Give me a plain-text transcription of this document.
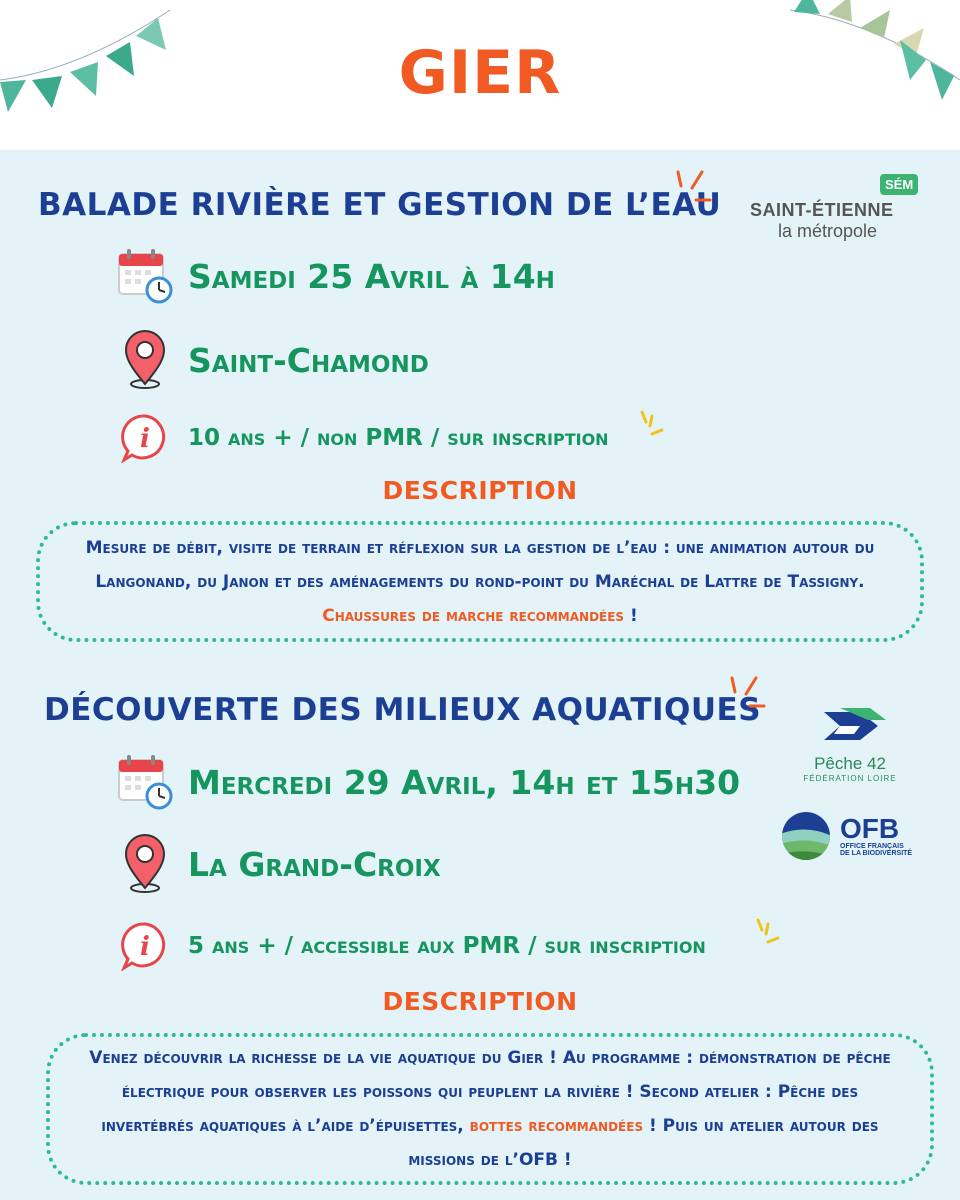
GIER
BALADE RIVIÈRE ET GESTION DE L’EAU
SÉM
SAINT-ÉTIENNE
la métropole
Samedi 25 Avril à 14h
Saint-Chamond
i 10 ans + / non PMR / sur inscription
DESCRIPTION
Mesure de débit, visite de terrain et réflexion sur la gestion de l’eau : une animation autour du Langonand, du Janon et des aménagements du rond-point du Maréchal de Lattre de Tassigny. Chaussures de marche recommandées !
DÉCOUVERTE DES MILIEUX AQUATIQUES
Pêche 42
FÉDÉRATION LOIRE
OFB
OFFICE FRANÇAIS
DE LA BIODIVERSITÉ
Mercredi 29 Avril, 14h et 15h30
La Grand-Croix
i 5 ans + / accessible aux PMR / sur inscription
DESCRIPTION
Venez découvrir la richesse de la vie aquatique du Gier ! Au programme : démonstration de pêche électrique pour observer les poissons qui peuplent la rivière ! Second atelier : Pêche des invertébrés aquatiques à l’aide d’épuisettes, bottes recommandées ! Puis un atelier autour des missions de l’OFB !
